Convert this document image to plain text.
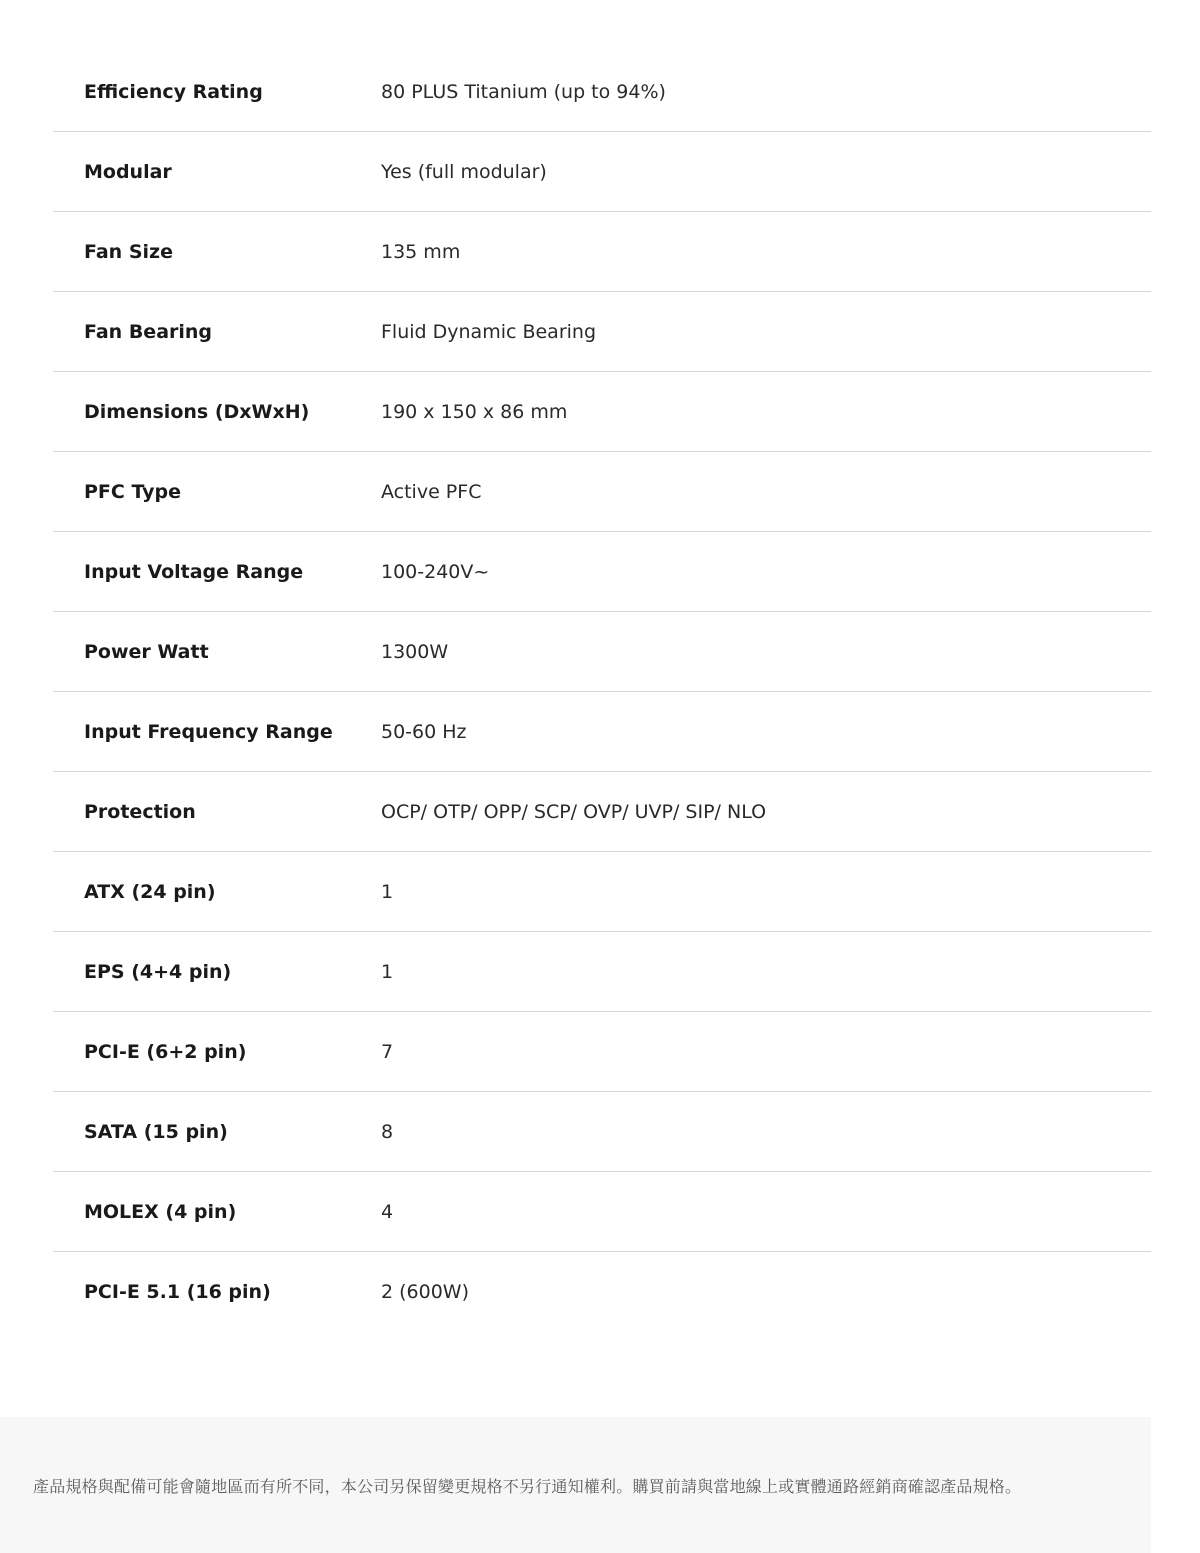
Efficiency Rating	80 PLUS Titanium (up to 94%)
Modular	Yes (full modular)
Fan Size	135 mm
Fan Bearing	Fluid Dynamic Bearing
Dimensions (DxWxH)	190 x 150 x 86 mm
PFC Type	Active PFC
Input Voltage Range	100-240V~
Power Watt	1300W
Input Frequency Range	50-60 Hz
Protection	OCP/ OTP/ OPP/ SCP/ OVP/ UVP/ SIP/ NLO
ATX (24 pin)	1
EPS (4+4 pin)	1
PCI-E (6+2 pin)	7
SATA (15 pin)	8
MOLEX (4 pin)	4
PCI-E 5.1 (16 pin)	2 (600W)
產品規格與配備可能會隨地區而有所不同，本公司另保留變更規格不另行通知權利。購買前請與當地線上或實體通路經銷商確認產品規格。
